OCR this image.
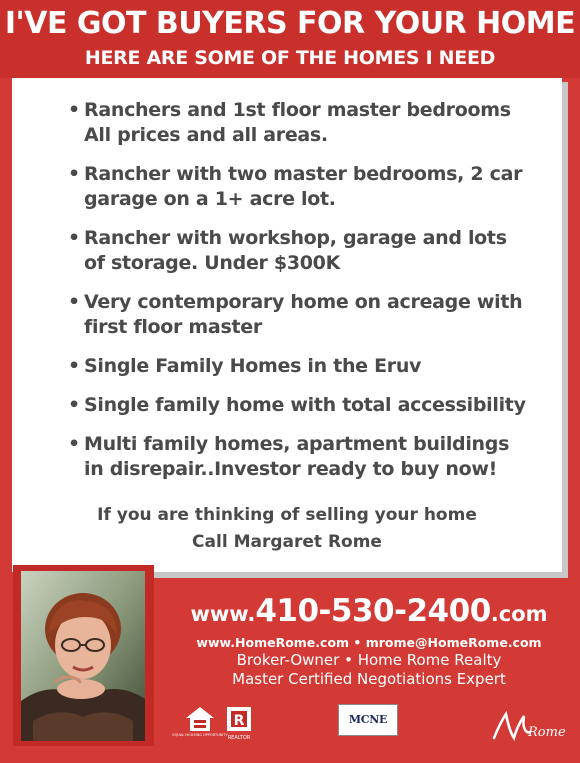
I'VE GOT BUYERS FOR YOUR HOME
HERE ARE SOME OF THE HOMES I NEED
• Ranchers and 1st floor master bedrooms
All prices and all areas.
• Rancher with two master bedrooms, 2 car
garage on a 1+ acre lot.
• Rancher with workshop, garage and lots
of storage. Under $300K
• Very contemporary home on acreage with
first floor master
• Single Family Homes in the Eruv
• Single family home with total accessibility
• Multi family homes, apartment buildings
in disrepair..Investor ready to buy now!
If you are thinking of selling your home
Call Margaret Rome
www.410-530-2400.com
www.HomeRome.com • mrome@HomeRome.com
Broker-Owner • Home Rome Realty
Master Certified Negotiations Expert
EQUAL HOUSING OPPORTUNITY
R
REALTOR
MCNE
Rome
